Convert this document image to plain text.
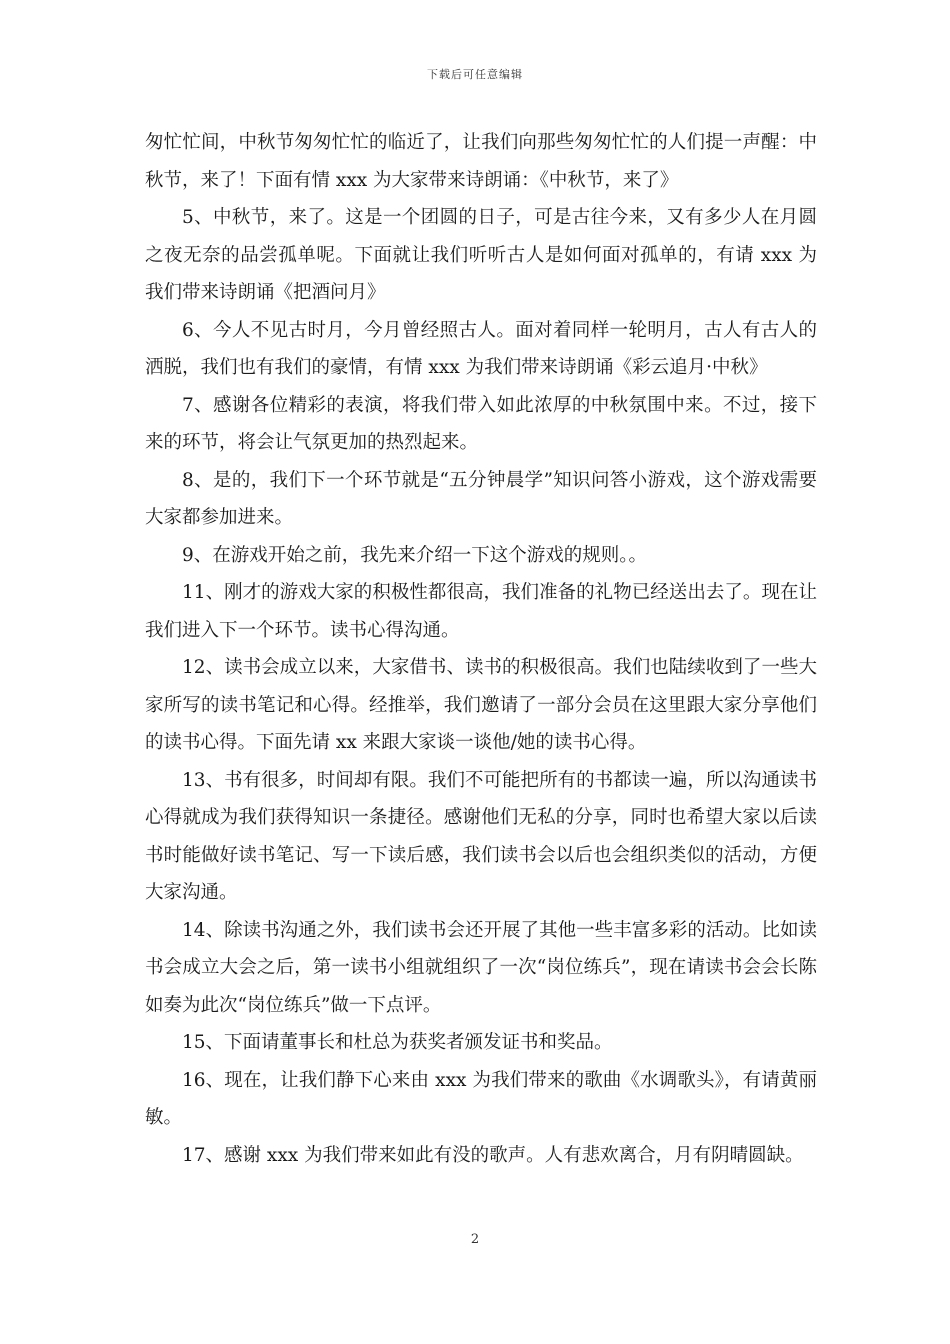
下载后可任意编辑

匆忙忙间，中秋节匆匆忙忙的临近了，让我们向那些匆匆忙忙的人们提一声醒：中秋节，来了！下面有情 xxx 为大家带来诗朗诵：《中秋节，来了》

5、中秋节，来了。这是一个团圆的日子，可是古往今来，又有多少人在月圆之夜无奈的品尝孤单呢。下面就让我们听听古人是如何面对孤单的，有请 xxx 为我们带来诗朗诵《把酒问月》

6、今人不见古时月，今月曾经照古人。面对着同样一轮明月，古人有古人的洒脱，我们也有我们的豪情，有情 xxx 为我们带来诗朗诵《彩云追月·中秋》

7、感谢各位精彩的表演，将我们带入如此浓厚的中秋氛围中来。不过，接下来的环节，将会让气氛更加的热烈起来。

8、是的，我们下一个环节就是“五分钟晨学”知识问答小游戏，这个游戏需要大家都参加进来。

9、在游戏开始之前，我先来介绍一下这个游戏的规则。。

11、刚才的游戏大家的积极性都很高，我们准备的礼物已经送出去了。现在让我们进入下一个环节。读书心得沟通。

12、读书会成立以来，大家借书、读书的积极很高。我们也陆续收到了一些大家所写的读书笔记和心得。经推举，我们邀请了一部分会员在这里跟大家分享他们的读书心得。下面先请 xx 来跟大家谈一谈他/她的读书心得。

13、书有很多，时间却有限。我们不可能把所有的书都读一遍，所以沟通读书心得就成为我们获得知识一条捷径。感谢他们无私的分享，同时也希望大家以后读书时能做好读书笔记、写一下读后感，我们读书会以后也会组织类似的活动，方便大家沟通。

14、除读书沟通之外，我们读书会还开展了其他一些丰富多彩的活动。比如读书会成立大会之后，第一读书小组就组织了一次“岗位练兵”，现在请读书会会长陈如奏为此次“岗位练兵”做一下点评。

15、下面请董事长和杜总为获奖者颁发证书和奖品。

16、现在，让我们静下心来由 xxx 为我们带来的歌曲《水调歌头》，有请黄丽敏。

17、感谢 xxx 为我们带来如此有没的歌声。人有悲欢离合，月有阴晴圆缺。

2
